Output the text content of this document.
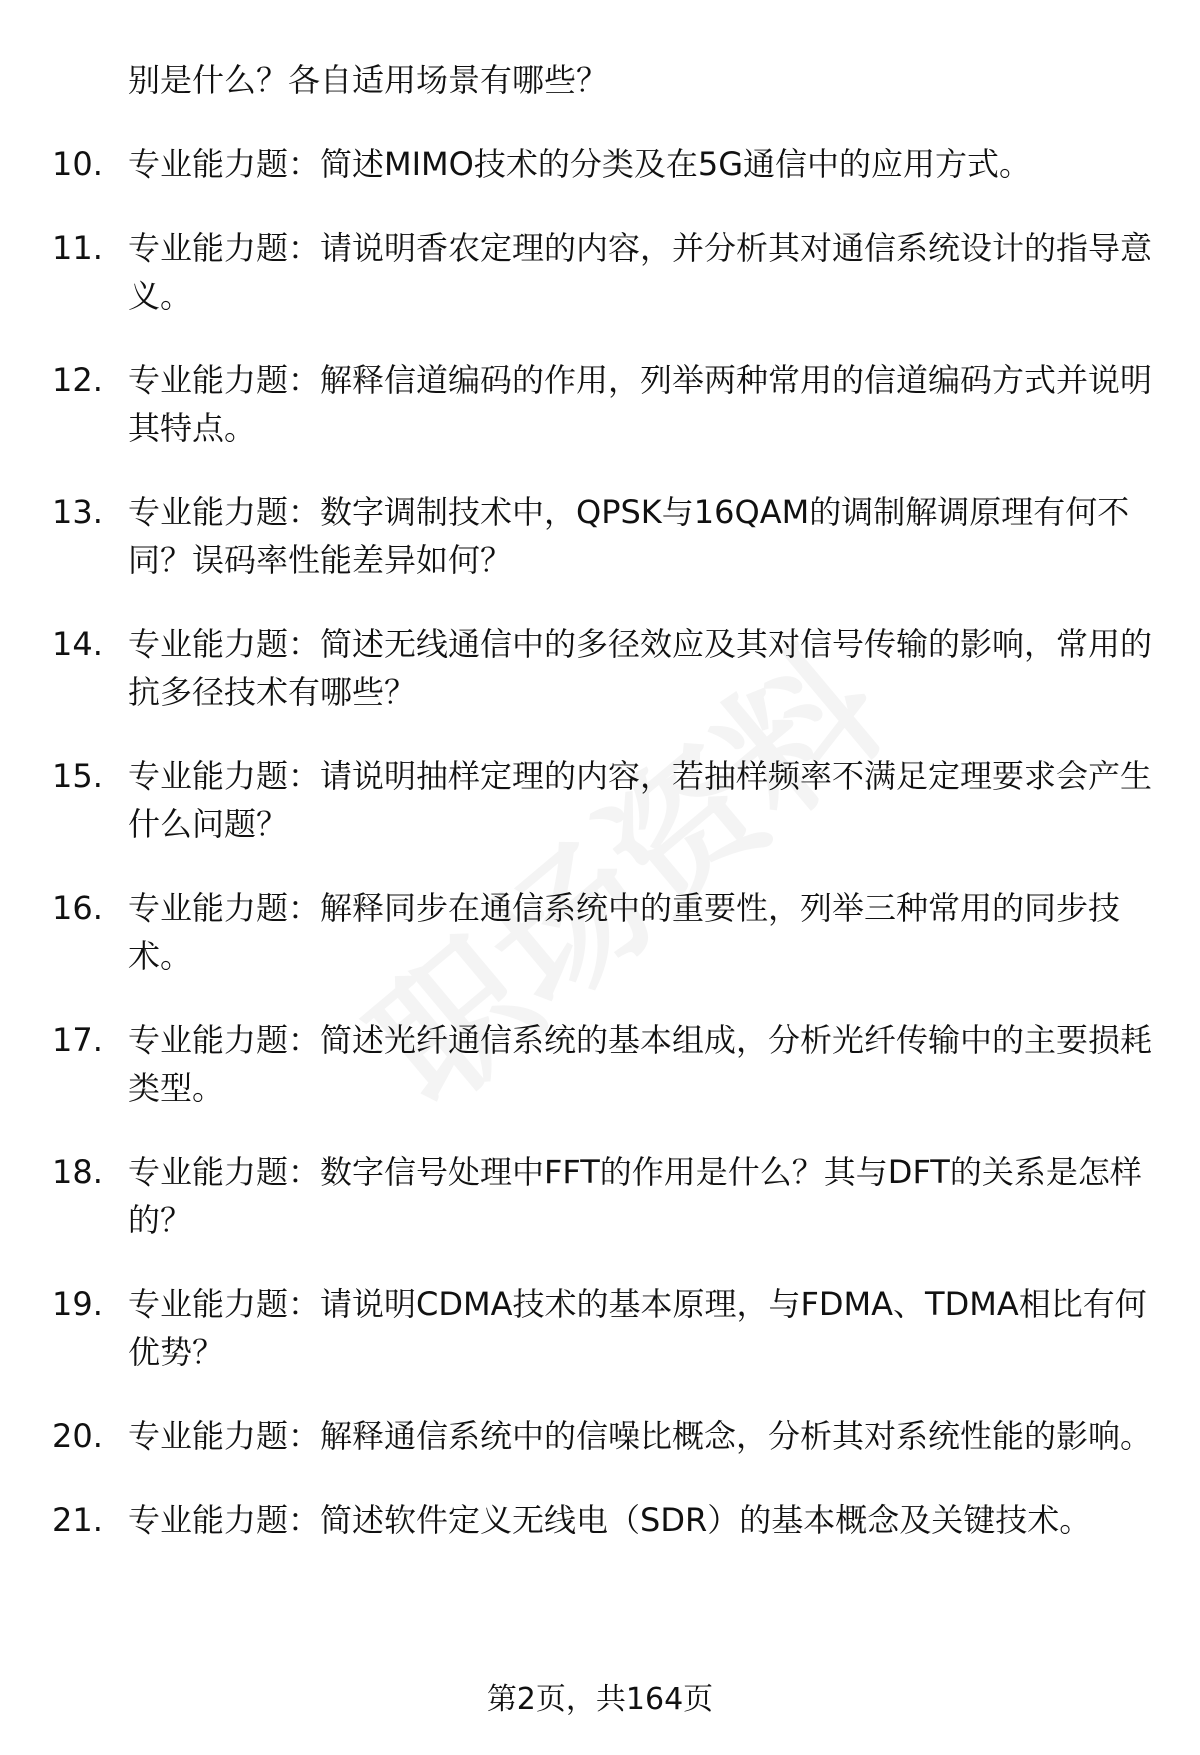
别是什么？各自适用场景有哪些？
10. 专业能力题：简述MIMO技术的分类及在5G通信中的应用方式。
11. 专业能力题：请说明香农定理的内容，并分析其对通信系统设计的指导意义。
12. 专业能力题：解释信道编码的作用，列举两种常用的信道编码方式并说明其特点。
13. 专业能力题：数字调制技术中，QPSK与16QAM的调制解调原理有何不同？误码率性能差异如何？
14. 专业能力题：简述无线通信中的多径效应及其对信号传输的影响，常用的抗多径技术有哪些？
15. 专业能力题：请说明抽样定理的内容，若抽样频率不满足定理要求会产生什么问题？
16. 专业能力题：解释同步在通信系统中的重要性，列举三种常用的同步技术。
17. 专业能力题：简述光纤通信系统的基本组成，分析光纤传输中的主要损耗类型。
18. 专业能力题：数字信号处理中FFT的作用是什么？其与DFT的关系是怎样的？
19. 专业能力题：请说明CDMA技术的基本原理，与FDMA、TDMA相比有何优势？
20. 专业能力题：解释通信系统中的信噪比概念，分析其对系统性能的影响。
21. 专业能力题：简述软件定义无线电（SDR）的基本概念及关键技术。
第2页，共164页
